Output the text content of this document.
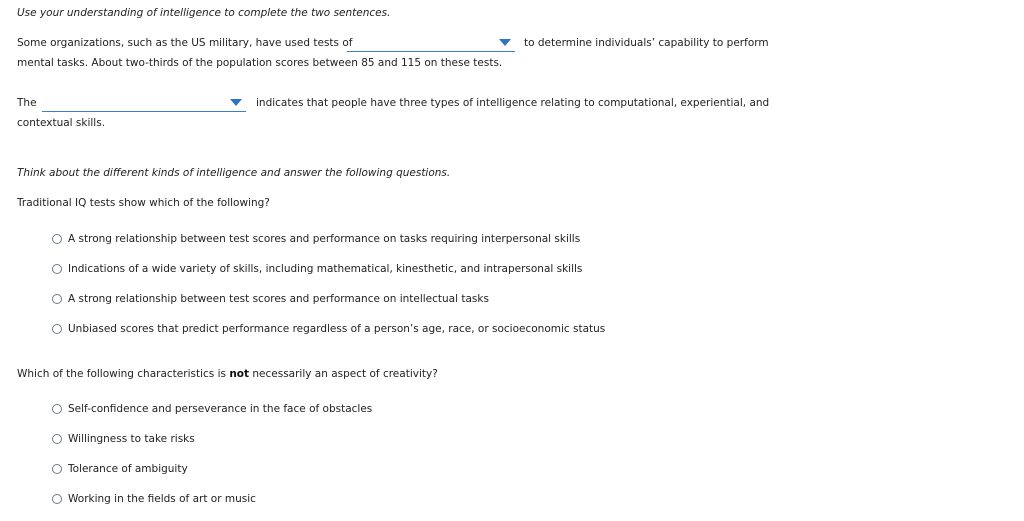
Use your understanding of intelligence to complete the two sentences.
Some organizations, such as the US military, have used tests of	to determine individuals’ capability to perform
mental tasks. About two-thirds of the population scores between 85 and 115 on these tests.
The	indicates that people have three types of intelligence relating to computational, experiential, and
contextual skills.
Think about the different kinds of intelligence and answer the following questions.
Traditional IQ tests show which of the following?
A strong relationship between test scores and performance on tasks requiring interpersonal skills
Indications of a wide variety of skills, including mathematical, kinesthetic, and intrapersonal skills
A strong relationship between test scores and performance on intellectual tasks
Unbiased scores that predict performance regardless of a person’s age, race, or socioeconomic status
Which of the following characteristics is not necessarily an aspect of creativity?
Self-confidence and perseverance in the face of obstacles
Willingness to take risks
Tolerance of ambiguity
Working in the fields of art or music
